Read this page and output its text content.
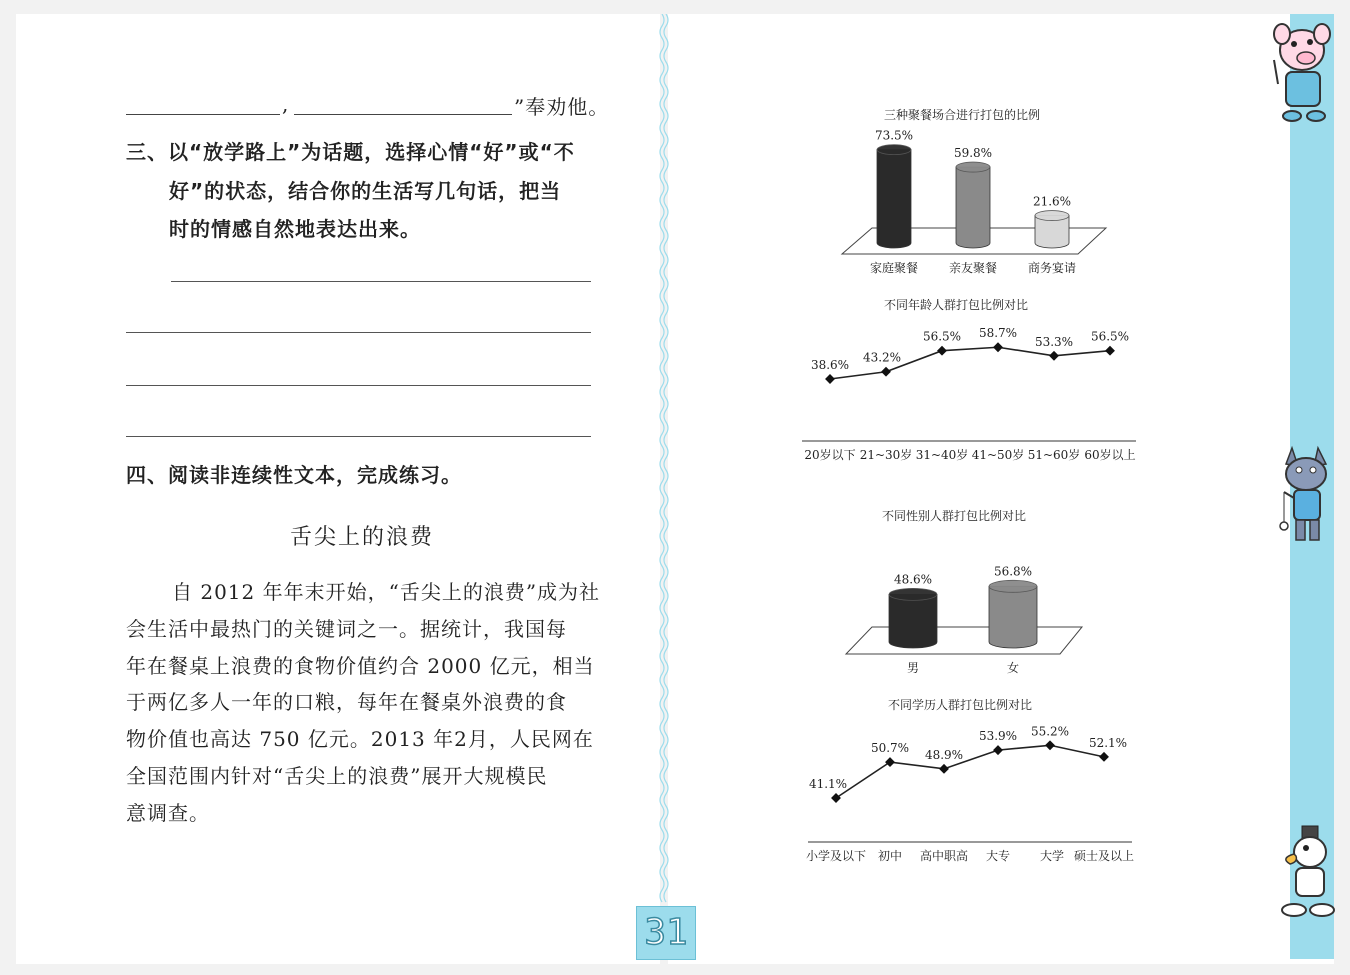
,	”奉劝他。
三、以“放学路上”为话题，选择心情“好”或“不
好”的状态，结合你的生活写几句话，把当
时的情感自然地表达出来。
四、阅读非连续性文本，完成练习。
舌尖上的浪费
自 2012 年年末开始，“舌尖上的浪费”成为社
会生活中最热门的关键词之一。据统计，我国每
年在餐桌上浪费的食物价值约合 2000 亿元，相当
于两亿多人一年的口粮，每年在餐桌外浪费的食
物价值也高达 750 亿元。2013 年2月，人民网在
全国范围内针对“舌尖上的浪费”展开大规模民
意调查。
三种聚餐场合进行打包的比例
不同年龄人群打包比例对比
不同性别人群打包比例对比
不同学历人群打包比例对比
73.5%
家庭聚餐
59.8%
亲友聚餐
21.6%
商务宴请
38.6%
43.2%
56.5% 58.7%
53.3% 56.5%
20岁以下 21~30岁 31~40岁 41~50岁 51~60岁 60岁以上
48.6%
男
56.8%
女
41.1%
50.7% 48.9%
53.9% 55.2%
52.1%
小学及以下 初中 高中职高 大专 大学 硕士及以上
31
